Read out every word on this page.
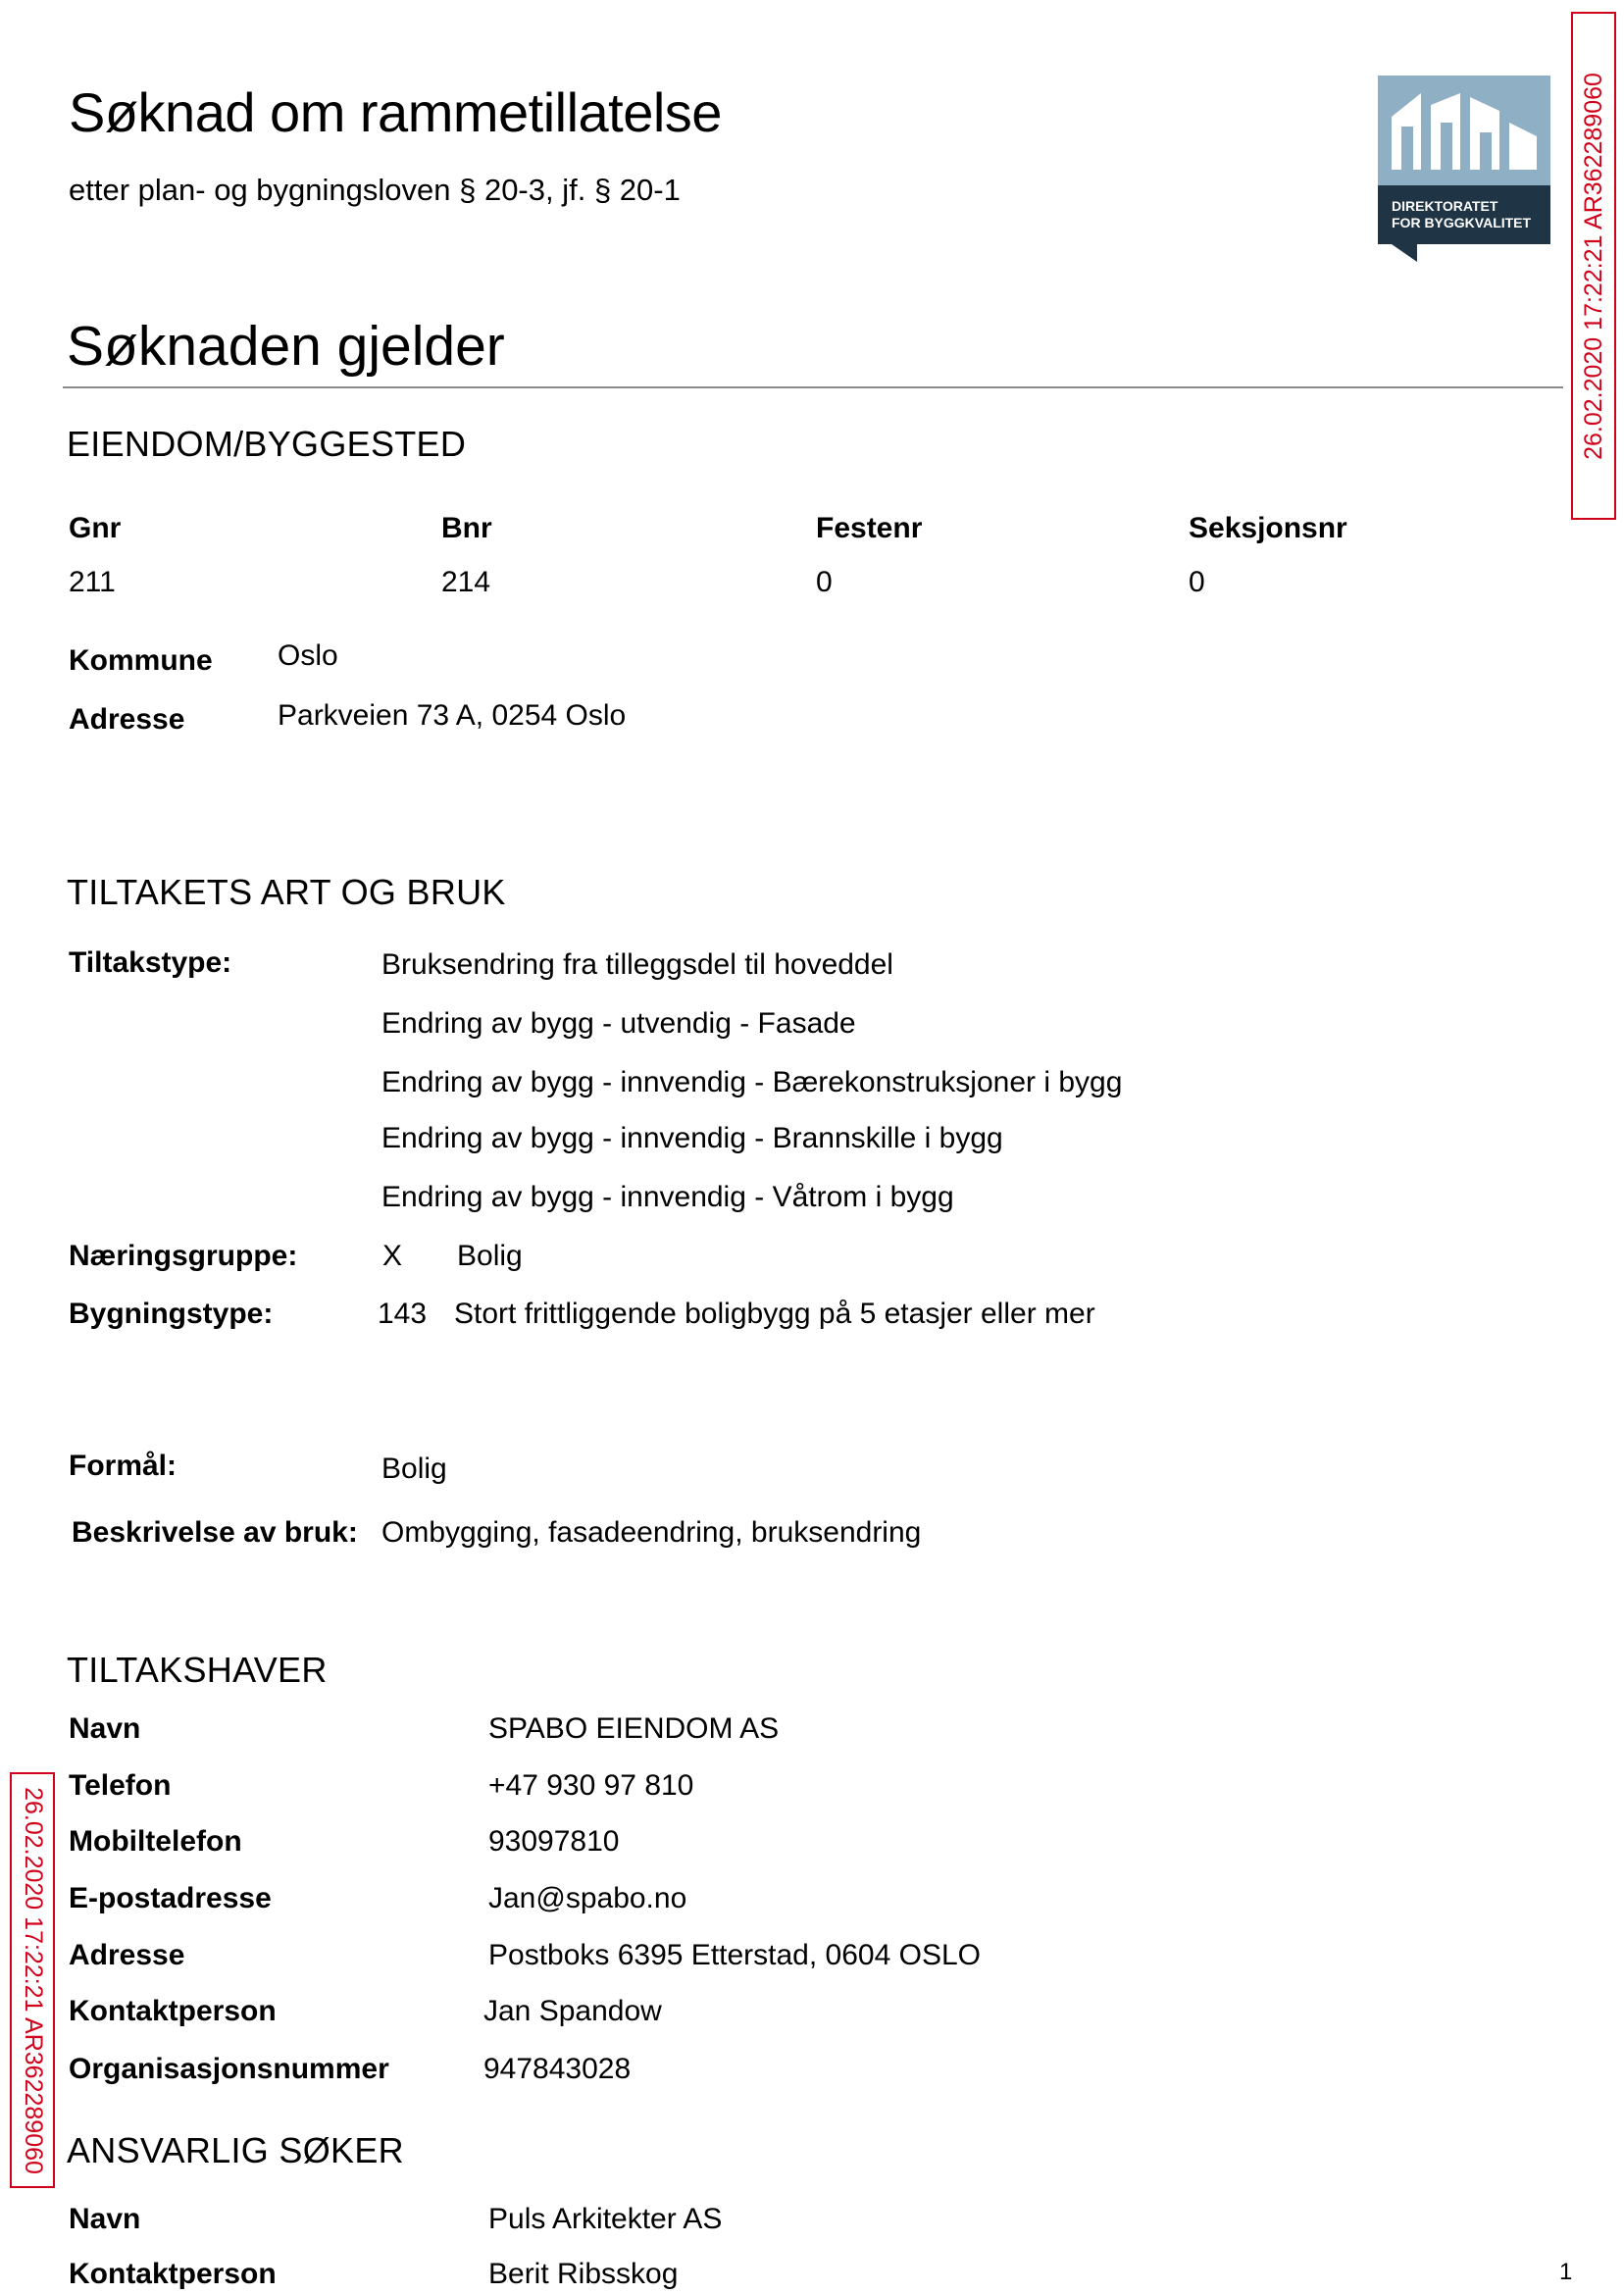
Søknad om rammetillatelse
etter plan- og bygningsloven § 20-3, jf. § 20-1	DIREKTORATET
FOR BYGGKVALITET 26.02.2020 17:22:21 AR362289060
26.02.2020 17:22:21 AR362289060
Søknaden gjelder
EIENDOM/BYGGESTED
Gnr	Bnr	Festenr	Seksjonsnr
211	214	0	0
Kommune Oslo
Adresse	Parkveien 73 A, 0254 Oslo
TILTAKETS ART OG BRUK
Tiltakstype:	Bruksendring fra tilleggsdel til hoveddel
Endring av bygg - utvendig - Fasade
Endring av bygg - innvendig - Bærekonstruksjoner i bygg
Endring av bygg - innvendig - Brannskille i bygg
Endring av bygg - innvendig - Våtrom i bygg
Næringsgruppe:	X Bolig
Bygningstype:	143 Stort frittliggende boligbygg på 5 etasjer eller mer
Formål:	Bolig
Beskrivelse av bruk: Ombygging, fasadeendring, bruksendring
TILTAKSHAVER
Navn	SPABO EIENDOM AS
Telefon	+47 930 97 810
Mobiltelefon	93097810
E-postadresse	Jan@spabo.no
Adresse	Postboks 6395 Etterstad, 0604 OSLO
Kontaktperson	Jan Spandow
Organisasjonsnummer	947843028
ANSVARLIG SØKER
Navn	Puls Arkitekter AS
Kontaktperson	Berit Ribsskog	1
